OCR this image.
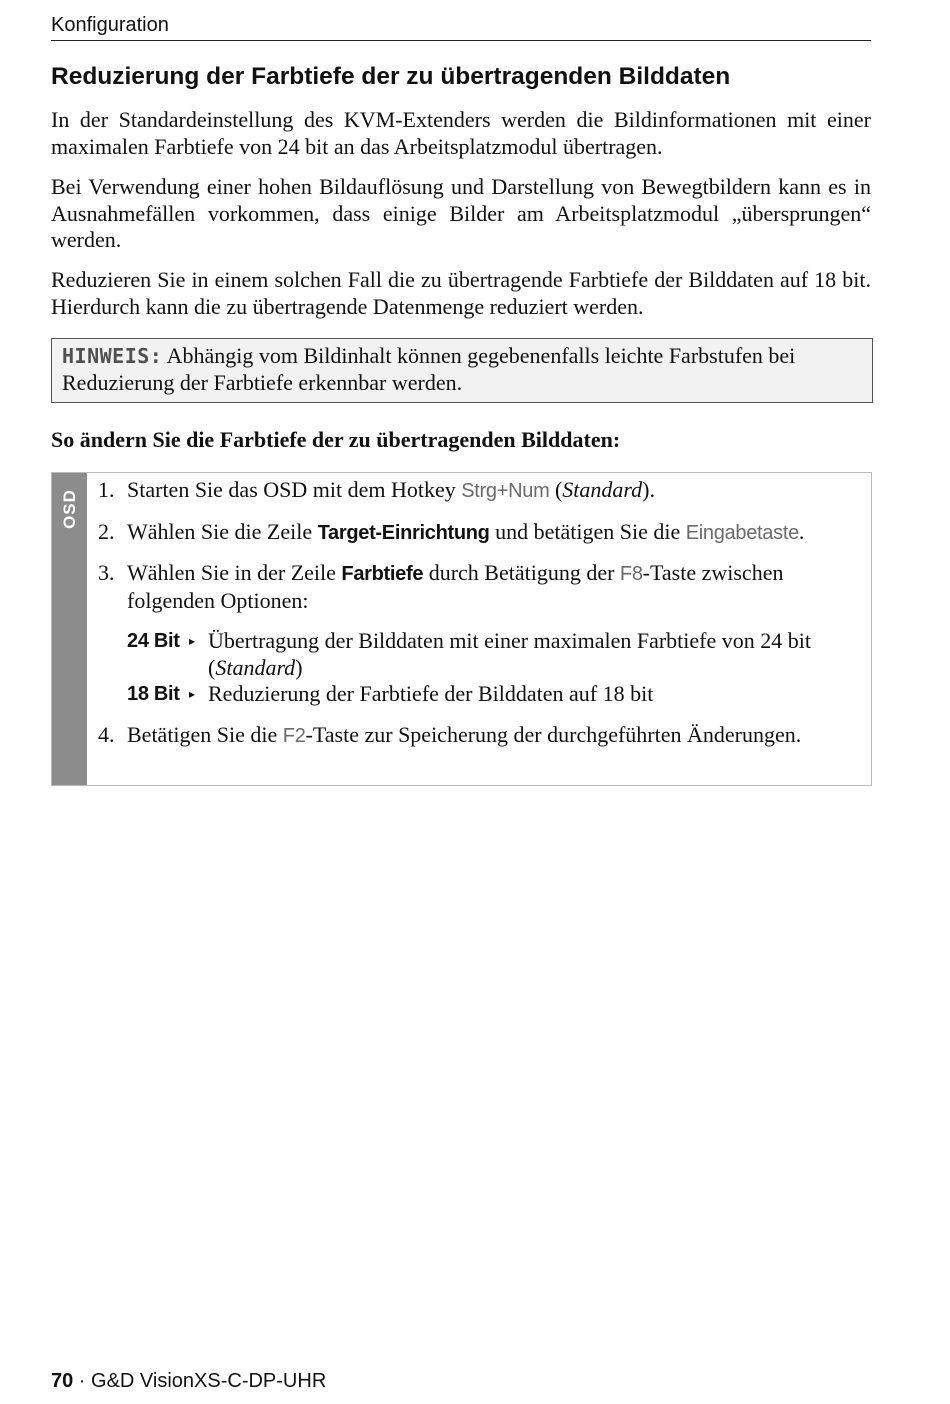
Konfiguration
Reduzierung der Farbtiefe der zu übertragenden Bilddaten

In der Standardeinstellung des KVM-Extenders werden die Bildinformationen mit einer maximalen Farbtiefe von 24 bit an das Arbeitsplatzmodul übertragen.

Bei Verwendung einer hohen Bildauflösung und Darstellung von Bewegtbildern kann es in Ausnahmefällen vorkommen, dass einige Bilder am Arbeitsplatzmodul „übersprungen“ werden.

Reduzieren Sie in einem solchen Fall die zu übertragende Farbtiefe der Bilddaten auf 18 bit. Hierdurch kann die zu übertragende Datenmenge reduziert werden.

HINWEIS: Abhängig vom Bildinhalt können gegebenenfalls leichte Farbstufen bei Reduzierung der Farbtiefe erkennbar werden.

So ändern Sie die Farbtiefe der zu übertragenden Bilddaten:

OSD 1. Starten Sie das OSD mit dem Hotkey Strg+Num (Standard).
2. Wählen Sie die Zeile Target-Einrichtung und betätigen Sie die Eingabetaste.
3. Wählen Sie in der Zeile Farbtiefe durch Betätigung der F8-Taste zwischen folgenden Optionen:
24 Bit ▸ Übertragung der Bilddaten mit einer maximalen Farbtiefe von 24 bit (Standard)
18 Bit ▸ Reduzierung der Farbtiefe der Bilddaten auf 18 bit
4. Betätigen Sie die F2-Taste zur Speicherung der durchgeführten Änderungen.
70 · G&D VisionXS-C-DP-UHR
